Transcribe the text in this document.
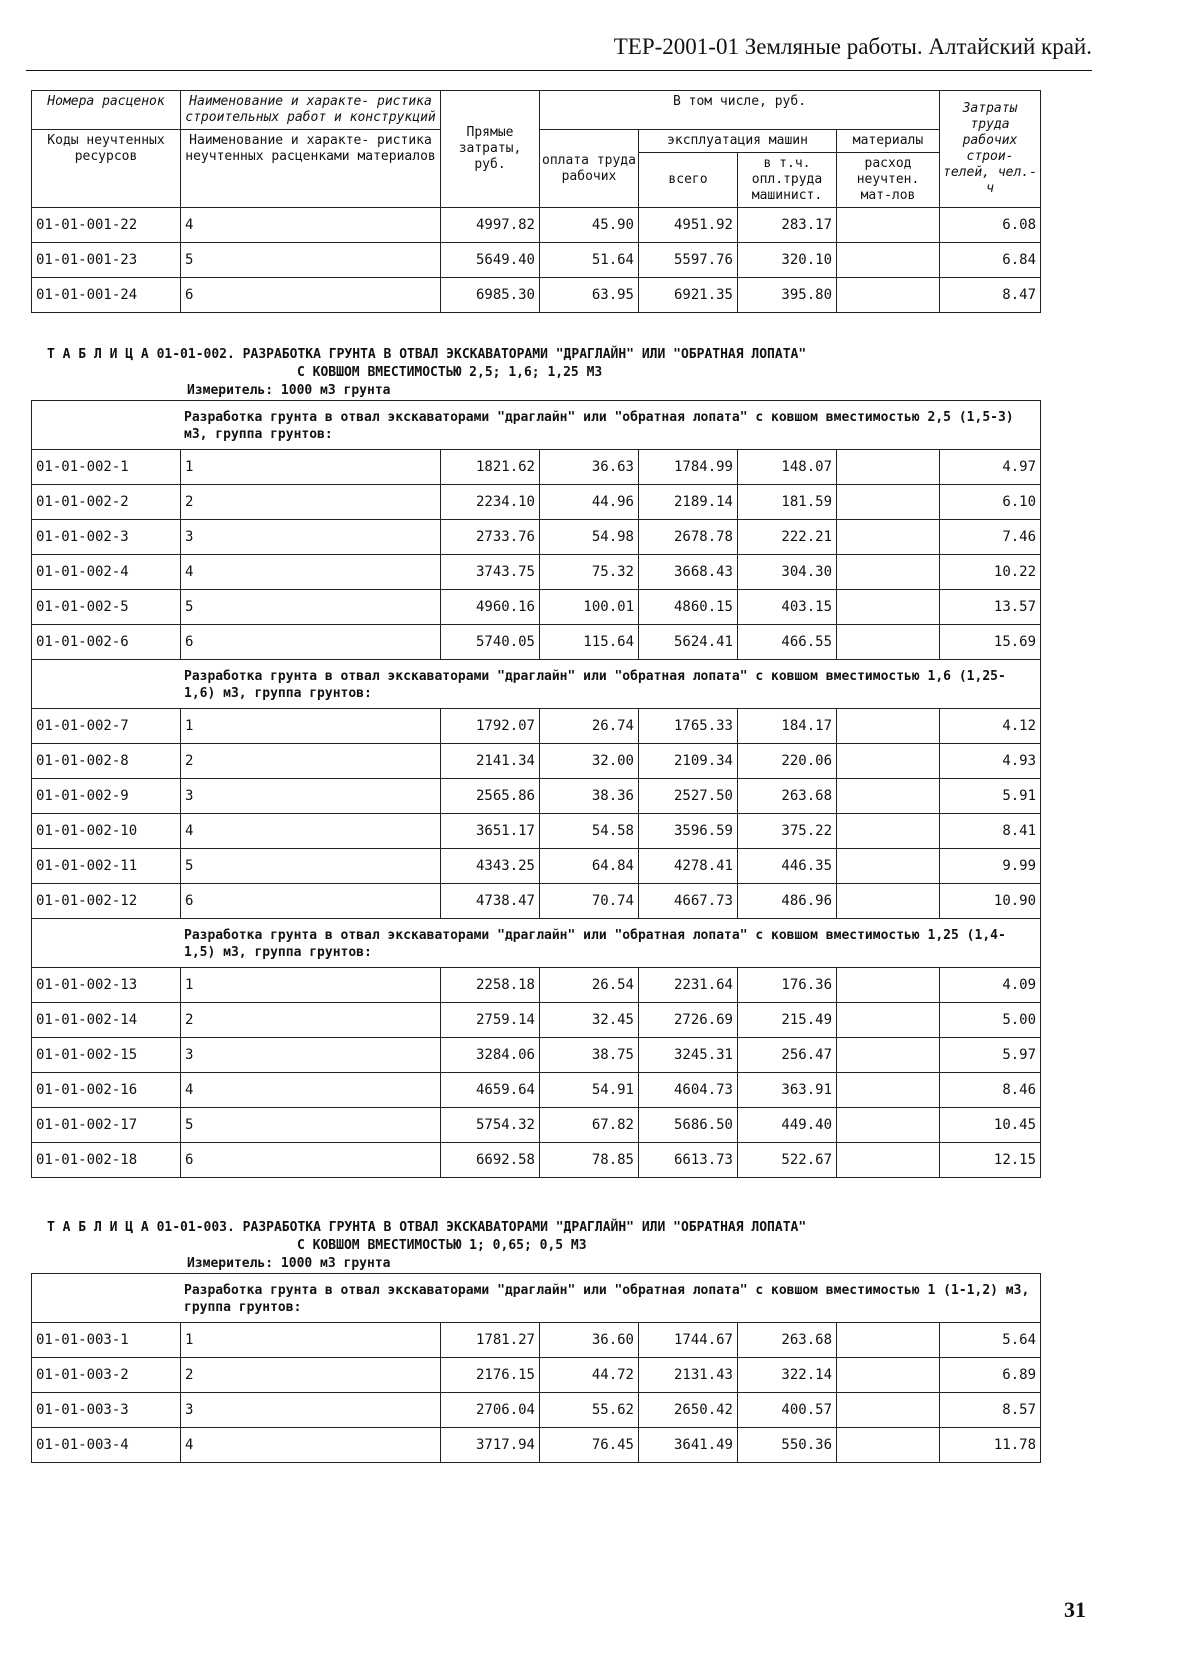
ТЕР-2001-01 Земляные работы. Алтайский край.
Номера расценок	Наименование и характе- ристика строительных работ и конструкций	Прямые затраты, руб.	В том числе, руб.				Затраты труда рабочих строи- телей, чел.-ч
Коды неучтенных ресурсов	Наименование и характе- ристика неучтенных расценками материалов		оплата труда рабочих	эксплуатация машин		материалы	
				всего	в т.ч. опл.труда машинист.	расход неучтен. мат-лов	
01-01-001-22	4	4997.82	45.90	4951.92	283.17		6.08
01-01-001-23	5	5649.40	51.64	5597.76	320.10		6.84
01-01-001-24	6	6985.30	63.95	6921.35	395.80		8.47
Т А Б Л И Ц А 01-01-002. РАЗРАБОТКА ГРУНТА В ОТВАЛ ЭКСКАВАТОРАМИ "ДРАГЛАЙН" ИЛИ "ОБРАТНАЯ ЛОПАТА"
С КОВШОМ ВМЕСТИМОСТЬЮ 2,5; 1,6; 1,25 М3
Измеритель: 1000 м3 грунта
Разработка грунта в отвал экскаваторами "драглайн" или "обратная лопата" с ковшом вместимостью 2,5 (1,5-3) м3, группа грунтов:							
01-01-002-1	1	1821.62	36.63	1784.99	148.07		4.97
01-01-002-2	2	2234.10	44.96	2189.14	181.59		6.10
01-01-002-3	3	2733.76	54.98	2678.78	222.21		7.46
01-01-002-4	4	3743.75	75.32	3668.43	304.30		10.22
01-01-002-5	5	4960.16	100.01	4860.15	403.15		13.57
01-01-002-6	6	5740.05	115.64	5624.41	466.55		15.69
Разработка грунта в отвал экскаваторами "драглайн" или "обратная лопата" с ковшом вместимостью 1,6 (1,25-1,6) м3, группа грунтов:							
01-01-002-7	1	1792.07	26.74	1765.33	184.17		4.12
01-01-002-8	2	2141.34	32.00	2109.34	220.06		4.93
01-01-002-9	3	2565.86	38.36	2527.50	263.68		5.91
01-01-002-10	4	3651.17	54.58	3596.59	375.22		8.41
01-01-002-11	5	4343.25	64.84	4278.41	446.35		9.99
01-01-002-12	6	4738.47	70.74	4667.73	486.96		10.90
Разработка грунта в отвал экскаваторами "драглайн" или "обратная лопата" с ковшом вместимостью 1,25 (1,4-1,5) м3, группа грунтов:							
01-01-002-13	1	2258.18	26.54	2231.64	176.36		4.09
01-01-002-14	2	2759.14	32.45	2726.69	215.49		5.00
01-01-002-15	3	3284.06	38.75	3245.31	256.47		5.97
01-01-002-16	4	4659.64	54.91	4604.73	363.91		8.46
01-01-002-17	5	5754.32	67.82	5686.50	449.40		10.45
01-01-002-18	6	6692.58	78.85	6613.73	522.67		12.15
Т А Б Л И Ц А 01-01-003. РАЗРАБОТКА ГРУНТА В ОТВАЛ ЭКСКАВАТОРАМИ "ДРАГЛАЙН" ИЛИ "ОБРАТНАЯ ЛОПАТА"
С КОВШОМ ВМЕСТИМОСТЬЮ 1; 0,65; 0,5 М3
Измеритель: 1000 м3 грунта
Разработка грунта в отвал экскаваторами "драглайн" или "обратная лопата" с ковшом вместимостью 1 (1-1,2) м3, группа грунтов:							
01-01-003-1	1	1781.27	36.60	1744.67	263.68		5.64
01-01-003-2	2	2176.15	44.72	2131.43	322.14		6.89
01-01-003-3	3	2706.04	55.62	2650.42	400.57		8.57
01-01-003-4	4	3717.94	76.45	3641.49	550.36		11.78
31
